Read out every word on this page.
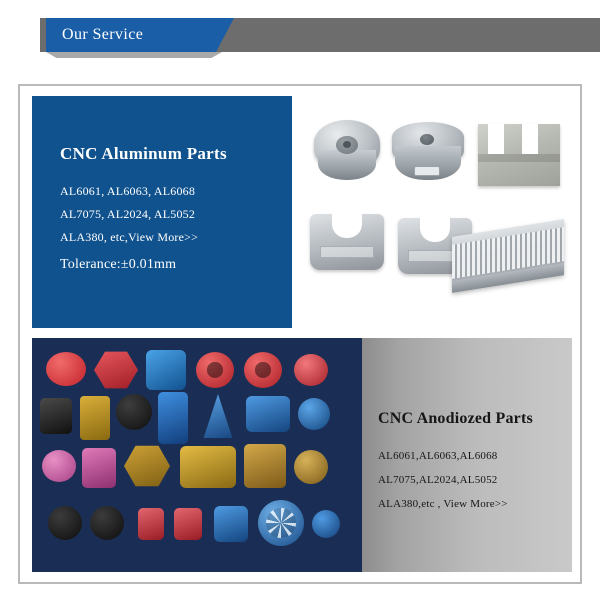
Our Service
CNC Aluminum Parts
AL6061, AL6063, AL6068
AL7075, AL2024, AL5052
ALA380, etc,View More>>
Tolerance:±0.01mm
CNC Anodiozed Parts
AL6061,AL6063,AL6068
AL7075,AL2024,AL5052
ALA380,etc , View More>>
